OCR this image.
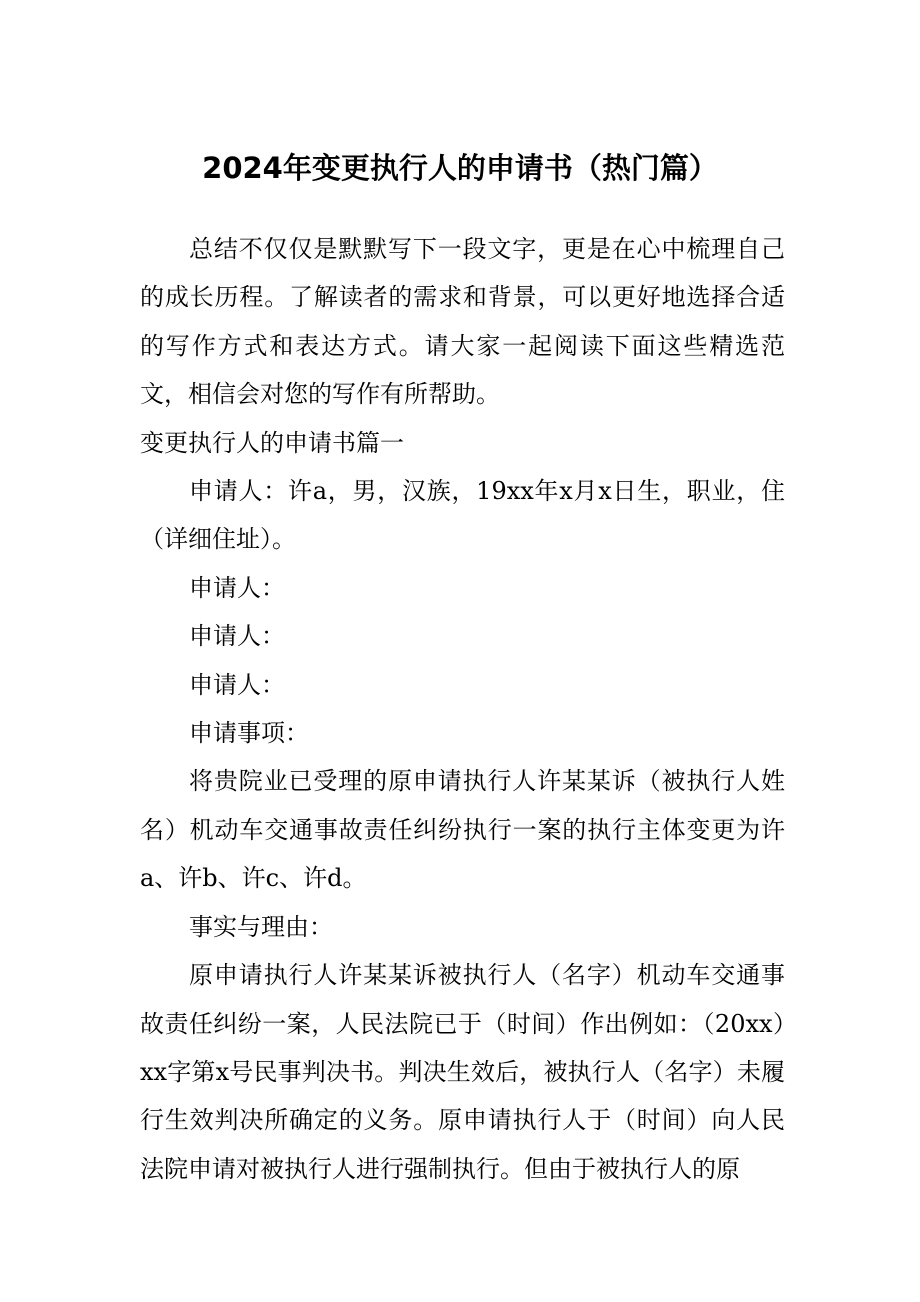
2024年变更执行人的申请书（热门篇）

总结不仅仅是默默写下一段文字，更是在心中梳理自己的成长历程。了解读者的需求和背景，可以更好地选择合适的写作方式和表达方式。请大家一起阅读下面这些精选范文，相信会对您的写作有所帮助。

变更执行人的申请书篇一

申请人：许a，男，汉族，19xx年x月x日生，职业，住（详细住址）。

申请人：

申请人：

申请人：

申请事项：

将贵院业已受理的原申请执行人许某某诉（被执行人姓名）机动车交通事故责任纠纷执行一案的执行主体变更为许a、许b、许c、许d。

事实与理由：

原申请执行人许某某诉被执行人（名字）机动车交通事故责任纠纷一案，人民法院已于（时间）作出例如：（20xx）xx字第x号民事判决书。判决生效后，被执行人（名字）未履行生效判决所确定的义务。原申请执行人于（时间）向人民法院申请对被执行人进行强制执行。但由于被执行人的原
